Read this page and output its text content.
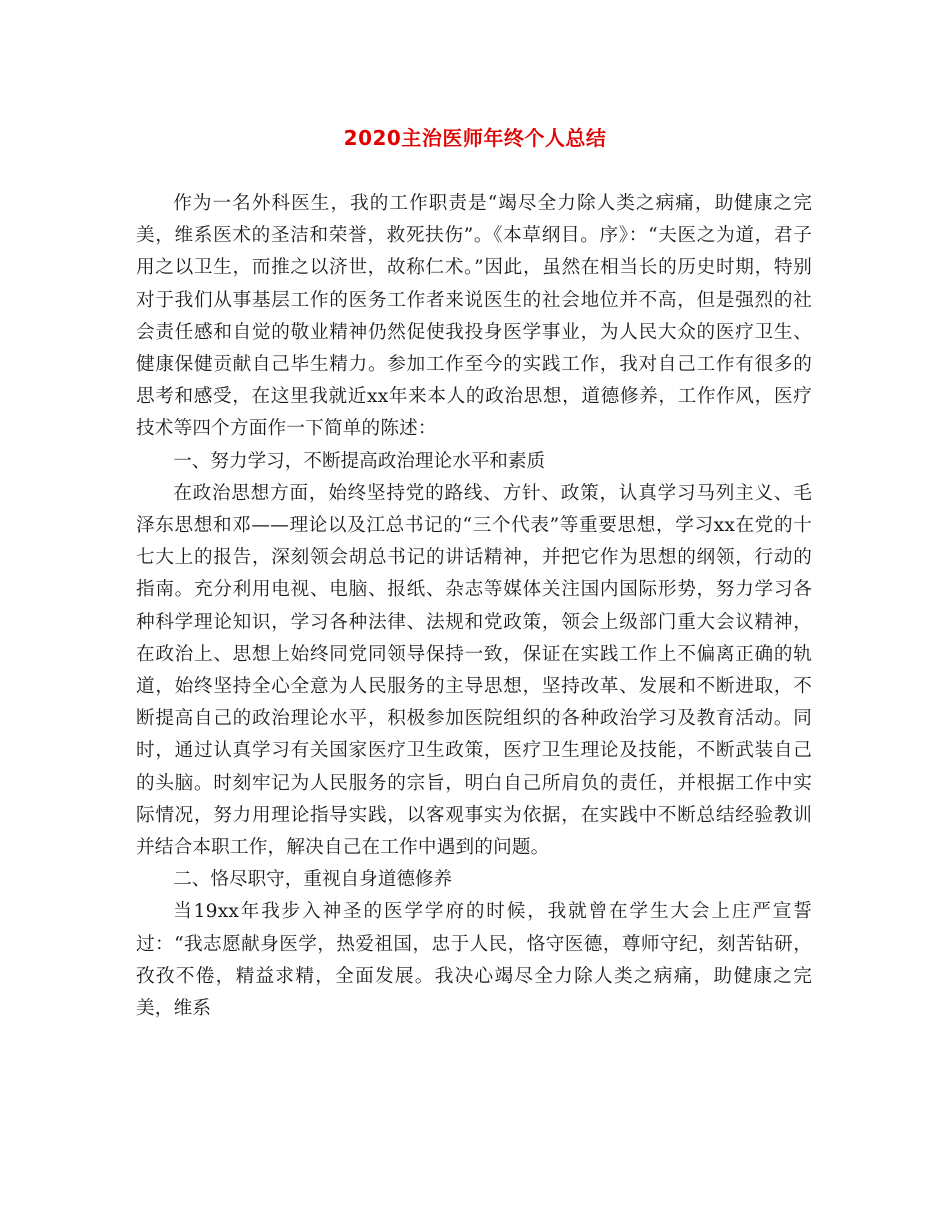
2020主治医师年终个人总结

作为一名外科医生，我的工作职责是“竭尽全力除人类之病痛，助健康之完美，维系医术的圣洁和荣誉，救死扶伤”。《本草纲目。序》：“夫医之为道，君子用之以卫生，而推之以济世，故称仁术。”因此，虽然在相当长的历史时期，特别对于我们从事基层工作的医务工作者来说医生的社会地位并不高，但是强烈的社会责任感和自觉的敬业精神仍然促使我投身医学事业，为人民大众的医疗卫生、健康保健贡献自己毕生精力。参加工作至今的实践工作，我对自己工作有很多的思考和感受，在这里我就近xx年来本人的政治思想，道德修养，工作作风，医疗技术等四个方面作一下简单的陈述：

一、努力学习，不断提高政治理论水平和素质

在政治思想方面，始终坚持党的路线、方针、政策，认真学习马列主义、毛泽东思想和邓——理论以及江总书记的“三个代表”等重要思想，学习xx在党的十七大上的报告，深刻领会胡总书记的讲话精神，并把它作为思想的纲领，行动的指南。充分利用电视、电脑、报纸、杂志等媒体关注国内国际形势，努力学习各种科学理论知识，学习各种法律、法规和党政策，领会上级部门重大会议精神，在政治上、思想上始终同党同领导保持一致，保证在实践工作上不偏离正确的轨道，始终坚持全心全意为人民服务的主导思想，坚持改革、发展和不断进取，不断提高自己的政治理论水平，积极参加医院组织的各种政治学习及教育活动。同时，通过认真学习有关国家医疗卫生政策，医疗卫生理论及技能，不断武装自己的头脑。时刻牢记为人民服务的宗旨，明白自己所肩负的责任，并根据工作中实际情况，努力用理论指导实践，以客观事实为依据，在实践中不断总结经验教训并结合本职工作，解决自己在工作中遇到的问题。

二、恪尽职守，重视自身道德修养

当19xx年我步入神圣的医学学府的时候，我就曾在学生大会上庄严宣誓过：“我志愿献身医学，热爱祖国，忠于人民，恪守医德，尊师守纪，刻苦钻研，孜孜不倦，精益求精，全面发展。我决心竭尽全力除人类之病痛，助健康之完美，维系
